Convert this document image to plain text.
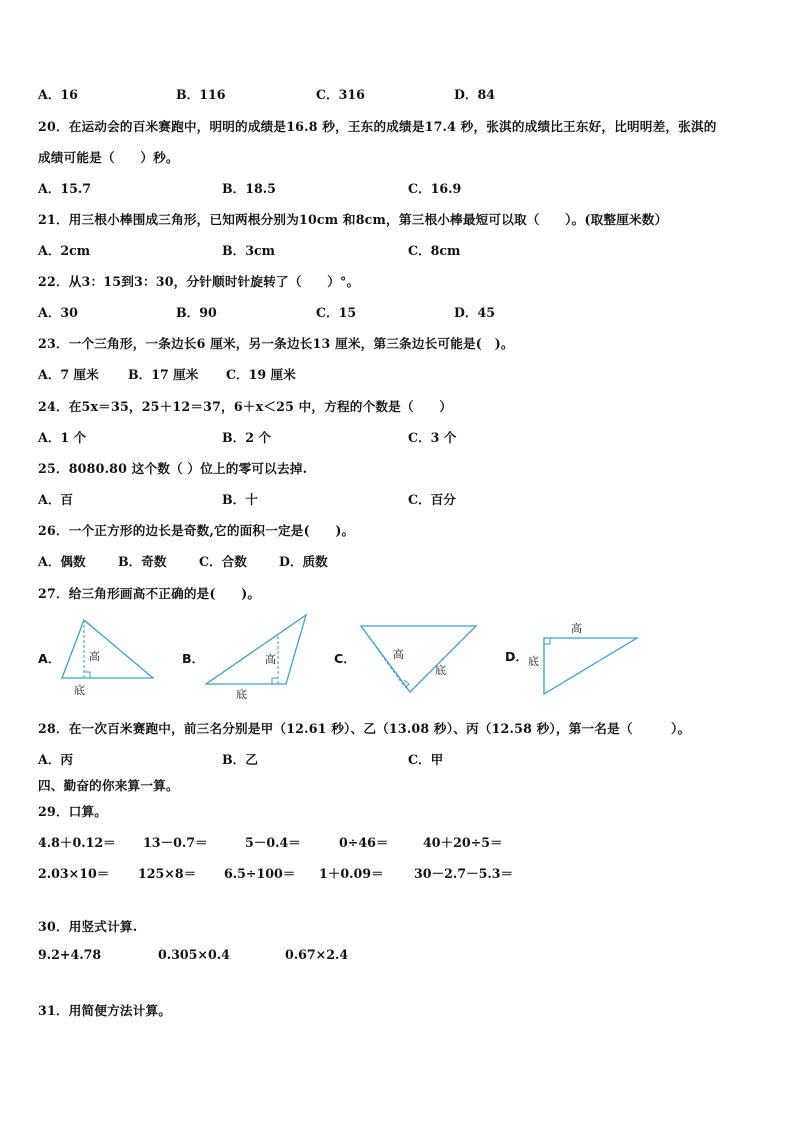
A．16	B．116	C．316	D．84
20．在运动会的百米赛跑中，明明的成绩是16.8 秒，王东的成绩是17.4 秒，张淇的成绩比王东好，比明明差，张淇的
成绩可能是（　　）秒。
A．15.7	B．18.5	C．16.9
21．用三根小棒围成三角形，已知两根分别为10cm 和8cm，第三根小棒最短可以取（　　）。(取整厘米数）
A．2cm	B．3cm	C．8cm
22．从3：15到3：30，分针顺时针旋转了（　　）°。
A．30	B．90	C．15	D．45
23．一个三角形，一条边长6 厘米，另一条边长13 厘米，第三条边长可能是(　)。
A．7 厘米 B．17 厘米 C．19 厘米
24．在5x＝35，25＋12＝37，6＋x＜25 中，方程的个数是（　　）
A．1 个	B．2 个	C．3 个
25．8080.80 这个数（ ）位上的零可以去掉.
A．百	B．十	C．百分
26．一个正方形的边长是奇数,它的面积一定是(　　)。
A．偶数	B．奇数	C．合数	D．质数
27．给三角形画高不正确的是(　　)。
A．	高
底
B．	高
底
C．	高
底
D．
高
底
28．在一次百米赛跑中，前三名分别是甲（12.61 秒）、乙（13.08 秒）、丙（12.58 秒），第一名是（　　　）。
A．丙	B．乙	C．甲
四、勤奋的你来算一算。
29．口算。
4.8＋0.12＝ 13－0.7＝	5－0.4＝	0÷46＝	40＋20÷5＝
2.03×10＝ 125×8＝ 6.5÷100＝ 1＋0.09＝ 30－2.7－5.3＝
30．用竖式计算.
9.2+4.78	0.305×0.4	0.67×2.4
31．用简便方法计算。
